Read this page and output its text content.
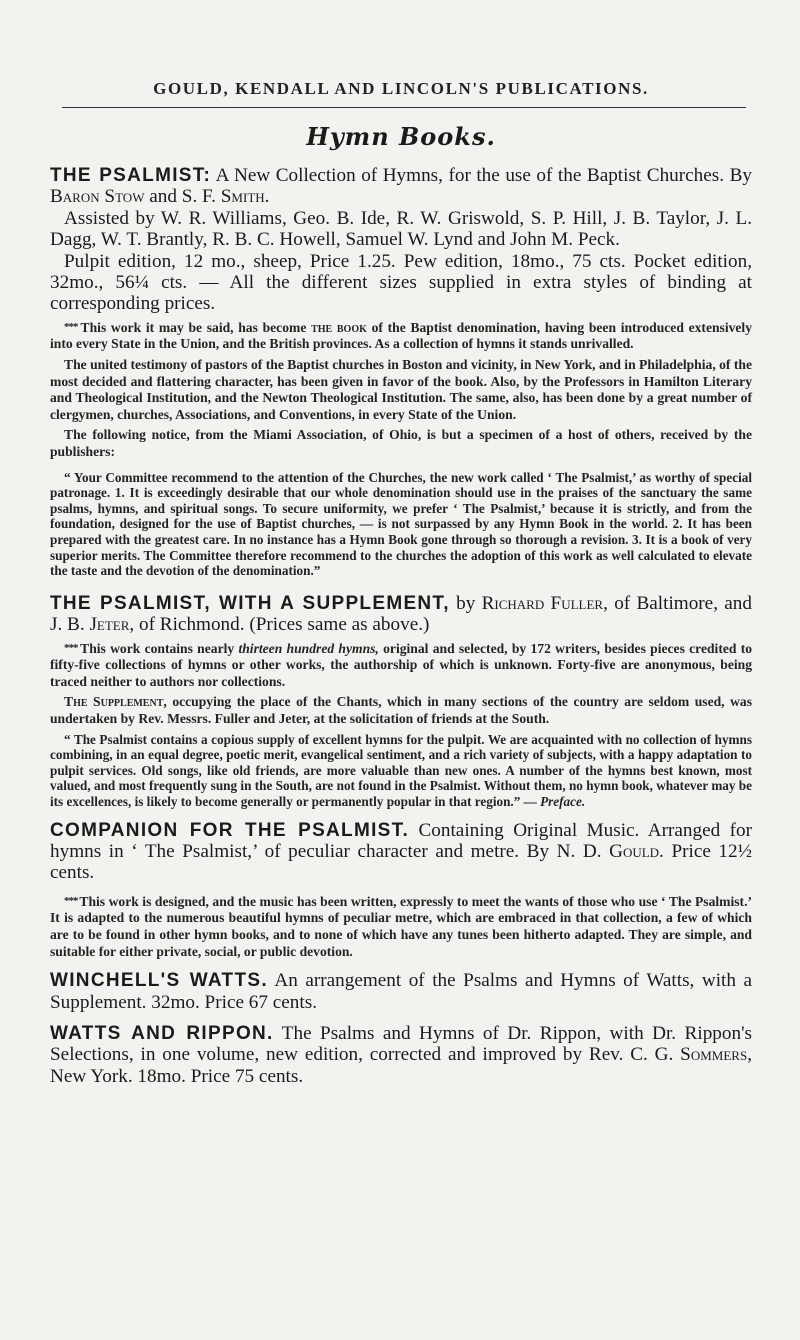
GOULD, KENDALL AND LINCOLN'S PUBLICATIONS.
Hymn Books.

THE PSALMIST: A New Collection of Hymns, for the use of the Baptist Churches. By Baron Stow and S. F. Smith.

Assisted by W. R. Williams, Geo. B. Ide, R. W. Griswold, S. P. Hill, J. B. Taylor, J. L. Dagg, W. T. Brantly, R. B. C. Howell, Samuel W. Lynd and John M. Peck.

Pulpit edition, 12 mo., sheep, Price 1.25. Pew edition, 18mo., 75 cts. Pocket edition, 32mo., 56¼ cts. — All the different sizes supplied in extra styles of binding at corresponding prices.

*** This work it may be said, has become the book of the Baptist denomination, having been introduced extensively into every State in the Union, and the British provinces. As a collection of hymns it stands unrivalled.

The united testimony of pastors of the Baptist churches in Boston and vicinity, in New York, and in Philadelphia, of the most decided and flattering character, has been given in favor of the book. Also, by the Professors in Hamilton Literary and Theological Institution, and the Newton Theological Institution. The same, also, has been done by a great number of clergymen, churches, Associations, and Conventions, in every State of the Union.

The following notice, from the Miami Association, of Ohio, is but a specimen of a host of others, received by the publishers:

“ Your Committee recommend to the attention of the Churches, the new work called ‘ The Psalmist,’ as worthy of special patronage. 1. It is exceedingly desirable that our whole denomination should use in the praises of the sanctuary the same psalms, hymns, and spiritual songs. To secure uniformity, we prefer ‘ The Psalmist,’ because it is strictly, and from the foundation, designed for the use of Baptist churches, — is not surpassed by any Hymn Book in the world. 2. It has been prepared with the greatest care. In no instance has a Hymn Book gone through so thorough a revision. 3. It is a book of very superior merits. The Committee therefore recommend to the churches the adoption of this work as well calculated to elevate the taste and the devotion of the denomination.”

THE PSALMIST, WITH A SUPPLEMENT, by Richard Fuller, of Baltimore, and J. B. Jeter, of Richmond. (Prices same as above.)

*** This work contains nearly thirteen hundred hymns, original and selected, by 172 writers, besides pieces credited to fifty-five collections of hymns or other works, the authorship of which is unknown. Forty-five are anonymous, being traced neither to authors nor collections.

The Supplement, occupying the place of the Chants, which in many sections of the country are seldom used, was undertaken by Rev. Messrs. Fuller and Jeter, at the solicitation of friends at the South.

“ The Psalmist contains a copious supply of excellent hymns for the pulpit. We are acquainted with no collection of hymns combining, in an equal degree, poetic merit, evangelical sentiment, and a rich variety of subjects, with a happy adaptation to pulpit services. Old songs, like old friends, are more valuable than new ones. A number of the hymns best known, most valued, and most frequently sung in the South, are not found in the Psalmist. Without them, no hymn book, whatever may be its excellences, is likely to become generally or permanently popular in that region.” — Preface.

COMPANION FOR THE PSALMIST. Containing Original Music. Arranged for hymns in ‘ The Psalmist,’ of peculiar character and metre. By N. D. Gould. Price 12½ cents.

*** This work is designed, and the music has been written, expressly to meet the wants of those who use ‘ The Psalmist.’ It is adapted to the numerous beautiful hymns of peculiar metre, which are embraced in that collection, a few of which are to be found in other hymn books, and to none of which have any tunes been hitherto adapted. They are simple, and suitable for either private, social, or public devotion.

WINCHELL'S WATTS. An arrangement of the Psalms and Hymns of Watts, with a Supplement. 32mo. Price 67 cents.

WATTS AND RIPPON. The Psalms and Hymns of Dr. Rippon, with Dr. Rippon's Selections, in one volume, new edition, corrected and improved by Rev. C. G. Sommers, New York. 18mo. Price 75 cents.
